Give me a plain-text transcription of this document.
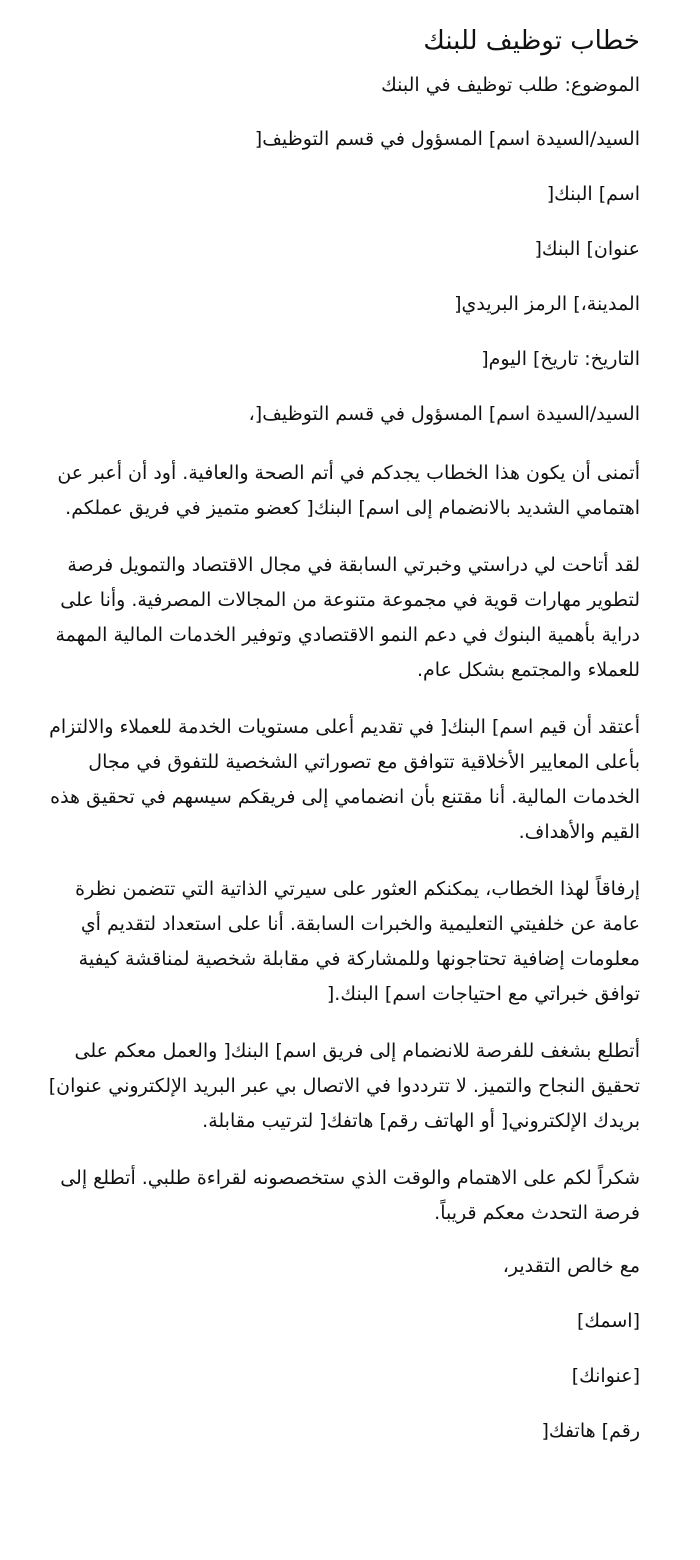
خطاب توظيف للبنك
الموضوع: طلب توظيف في البنك
السيد/السيدة اسم] المسؤول في قسم التوظيف[
اسم] البنك[
عنوان] البنك[
المدينة،] الرمز البريدي[
التاريخ: تاريخ] اليوم[
السيد/السيدة اسم] المسؤول في قسم التوظيف[،

أتمنى أن يكون هذا الخطاب يجدكم في أتم الصحة والعافية. أود أن أعبر عن اهتمامي الشديد بالانضمام إلى اسم] البنك[ كعضو متميز في فريق عملكم.

لقد أتاحت لي دراستي وخبرتي السابقة في مجال الاقتصاد والتمويل فرصة لتطوير مهارات قوية في مجموعة متنوعة من المجالات المصرفية. وأنا على دراية بأهمية البنوك في دعم النمو الاقتصادي وتوفير الخدمات المالية المهمة للعملاء والمجتمع بشكل عام.

أعتقد أن قيم اسم] البنك[ في تقديم أعلى مستويات الخدمة للعملاء والالتزام بأعلى المعايير الأخلاقية تتوافق مع تصوراتي الشخصية للتفوق في مجال الخدمات المالية. أنا مقتنع بأن انضمامي إلى فريقكم سيسهم في تحقيق هذه القيم والأهداف.

إرفاقاً لهذا الخطاب، يمكنكم العثور على سيرتي الذاتية التي تتضمن نظرة عامة عن خلفيتي التعليمية والخبرات السابقة. أنا على استعداد لتقديم أي معلومات إضافية تحتاجونها وللمشاركة في مقابلة شخصية لمناقشة كيفية توافق خبراتي مع احتياجات اسم] البنك.[

أتطلع بشغف للفرصة للانضمام إلى فريق اسم] البنك[ والعمل معكم على تحقيق النجاح والتميز. لا تترددوا في الاتصال بي عبر البريد الإلكتروني عنوان] بريدك الإلكتروني[ أو الهاتف رقم] هاتفك[ لترتيب مقابلة.

شكراً لكم على الاهتمام والوقت الذي ستخصصونه لقراءة طلبي. أتطلع إلى فرصة التحدث معكم قريباً.

مع خالص التقدير،
[اسمك]
[عنوانك]
رقم] هاتفك[
